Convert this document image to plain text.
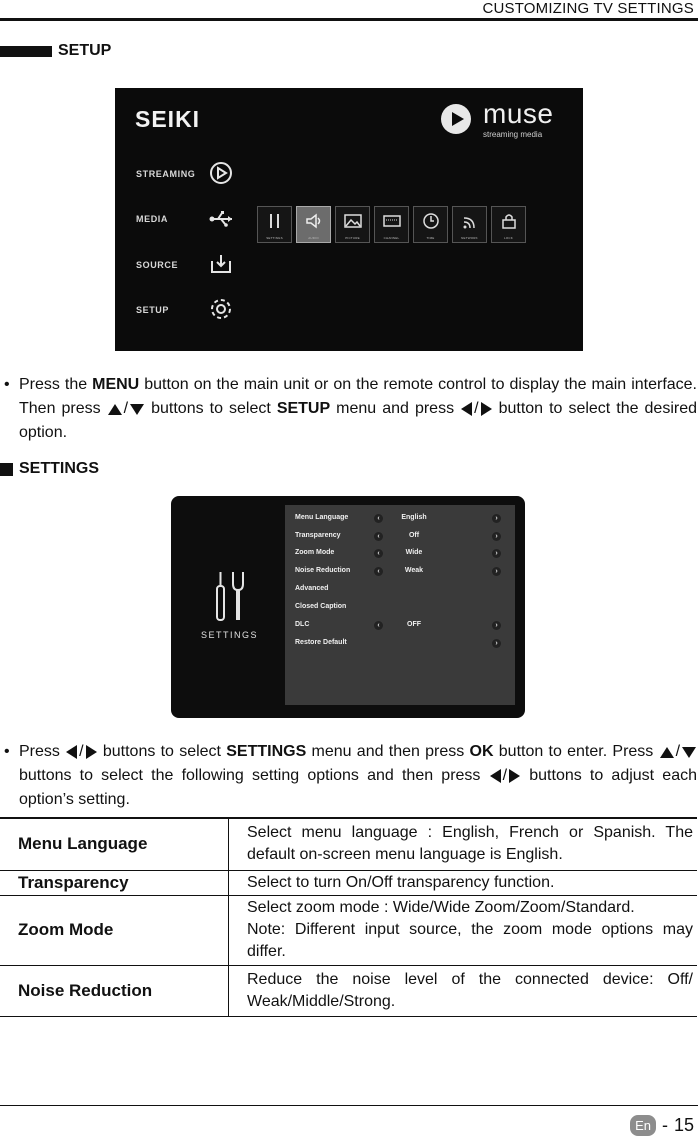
CUSTOMIZING TV SETTINGS
SETUP
SEIKI	muse
streaming media
STREAMING
MEDIA
SOURCE
SETUP
SETTINGS	AUDIO	PICTURE	CHANNEL	TIME	NETWORK	LOCK
• Press the MENU button on the main unit or on the remote control to display the main interface. Then press / buttons to select SETUP menu and press / button to select the desired option.
SETTINGS
SETTINGS
Menu Language	‹	English	›
Transparency	‹	Off	›
Zoom Mode	‹	Wide	›
Noise Reduction	‹	Weak	›
Advanced
Closed Caption
DLC	‹	OFF	›
Restore Default	›
• Press / buttons to select SETTINGS menu and then press OK button to enter. Press / buttons to select the following setting options and then press / buttons to adjust each option’s setting.
Menu Language	Select menu language : English, French or Spanish. The default on-screen menu language is English.

Transparency	Select to turn On/Off transparency function.

Zoom Mode	Select zoom mode : Wide/Wide Zoom/Zoom/Standard.
Note: Different input source, the zoom mode options may differ.

Noise Reduction	Reduce the noise level of the connected device: Off/ Weak/Middle/Strong.
En - 15
